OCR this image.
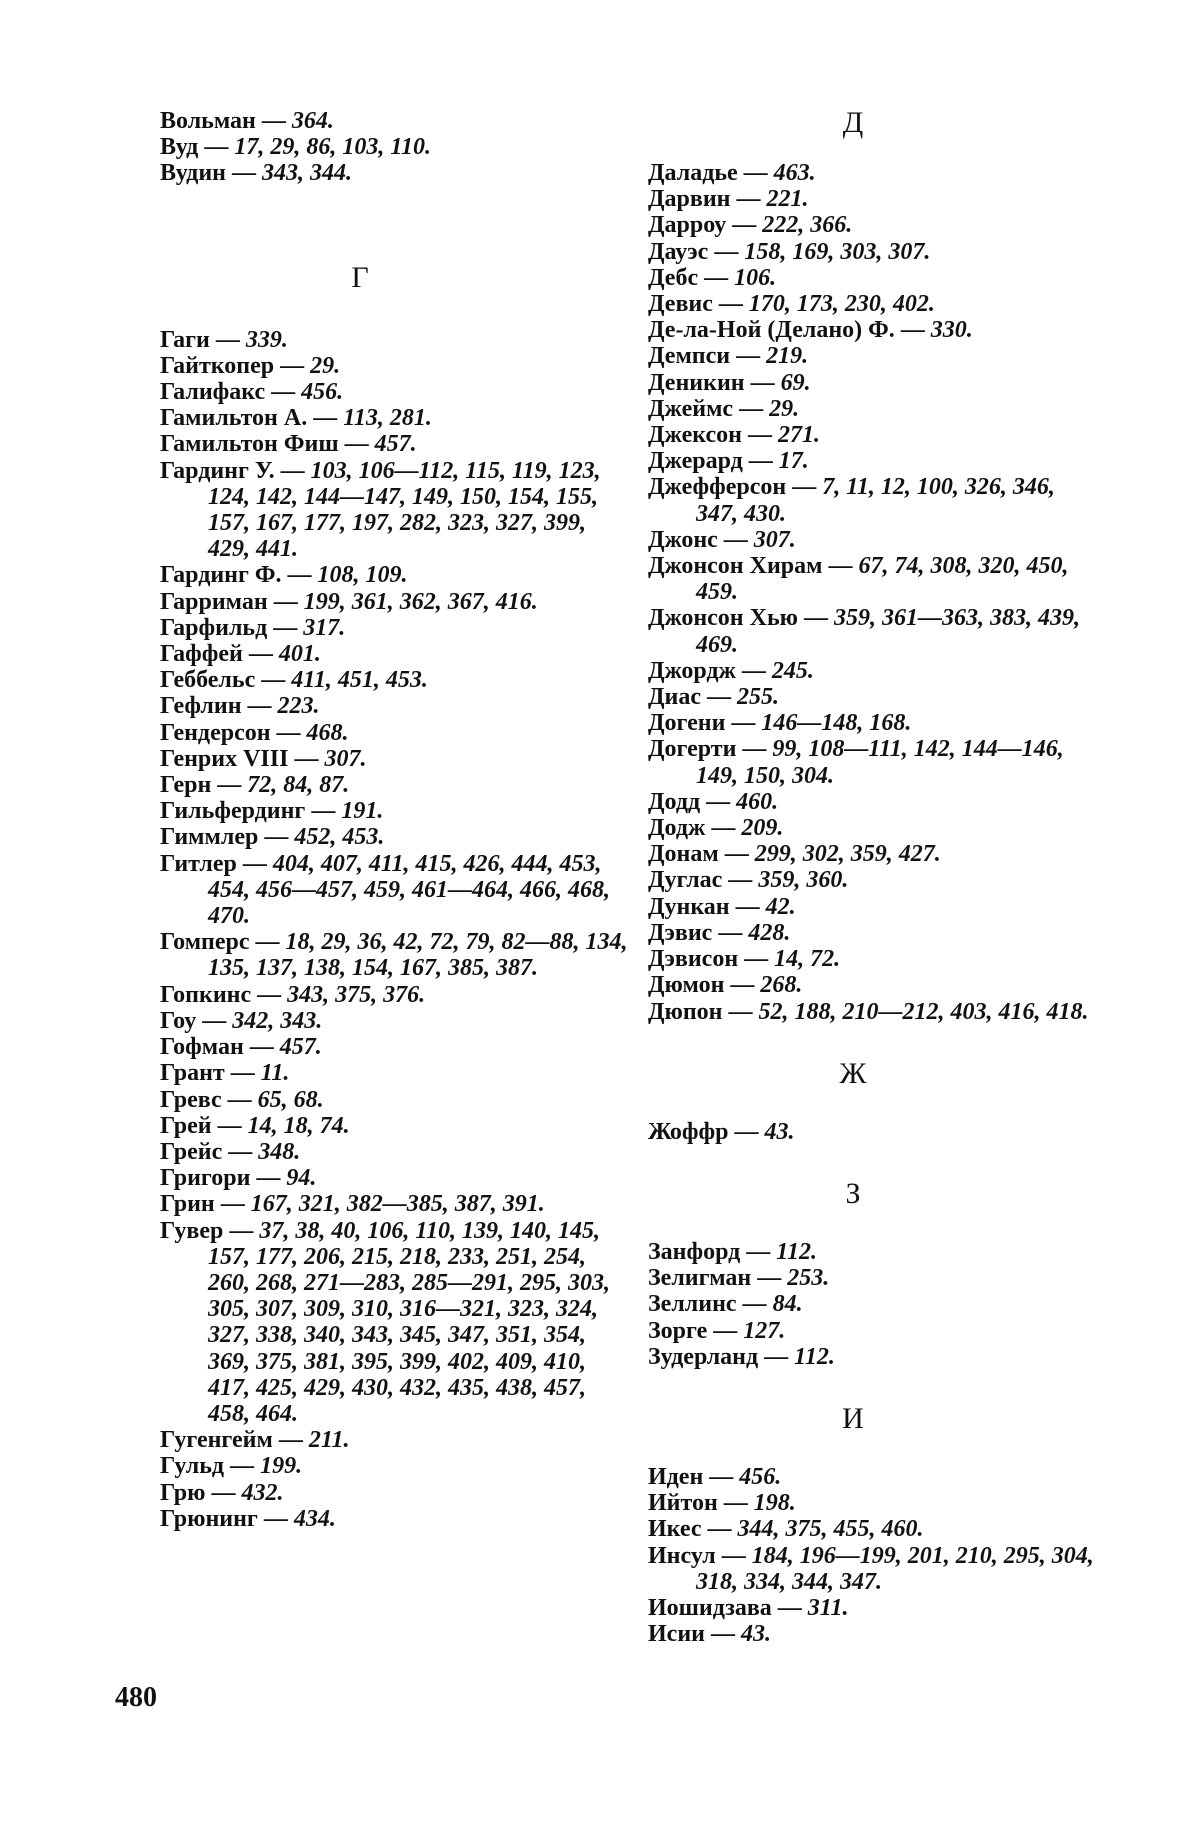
Вольман — 364.
Вуд — 17, 29, 86, 103, 110.
Вудин — 343, 344.
Г
Гаги — 339.
Гайткопер — 29.
Галифакс — 456.
Гамильтон А. — 113, 281.
Гамильтон Фиш — 457.
Гардинг У. — 103, 106—112, 115, 119, 123, 124, 142, 144—147, 149, 150, 154, 155, 157, 167, 177, 197, 282, 323, 327, 399, 429, 441.
Гардинг Ф. — 108, 109.
Гарриман — 199, 361, 362, 367, 416.
Гарфильд — 317.
Гаффей — 401.
Геббельс — 411, 451, 453.
Гефлин — 223.
Гендерсон — 468.
Генрих VIII — 307.
Герн — 72, 84, 87.
Гильфердинг — 191.
Гиммлер — 452, 453.
Гитлер — 404, 407, 411, 415, 426, 444, 453, 454, 456—457, 459, 461—464, 466, 468, 470.
Гомперс — 18, 29, 36, 42, 72, 79, 82—88, 134, 135, 137, 138, 154, 167, 385, 387.
Гопкинс — 343, 375, 376.
Гоу — 342, 343.
Гофман — 457.
Грант — 11.
Гревс — 65, 68.
Грей — 14, 18, 74.
Грейс — 348.
Григори — 94.
Грин — 167, 321, 382—385, 387, 391.
Гувер — 37, 38, 40, 106, 110, 139, 140, 145, 157, 177, 206, 215, 218, 233, 251, 254, 260, 268, 271—283, 285—291, 295, 303, 305, 307, 309, 310, 316—321, 323, 324, 327, 338, 340, 343, 345, 347, 351, 354, 369, 375, 381, 395, 399, 402, 409, 410, 417, 425, 429, 430, 432, 435, 438, 457, 458, 464.
Гугенгейм — 211.
Гульд — 199.
Грю — 432.
Грюнинг — 434.
Д
Даладье — 463.
Дарвин — 221.
Дарроу — 222, 366.
Дауэс — 158, 169, 303, 307.
Дебс — 106.
Девис — 170, 173, 230, 402.
Де-ла-Ной (Делано) Ф. — 330.
Демпси — 219.
Деникин — 69.
Джеймс — 29.
Джексон — 271.
Джерард — 17.
Джефферсон — 7, 11, 12, 100, 326, 346, 347, 430.
Джонс — 307.
Джонсон Хирам — 67, 74, 308, 320, 450, 459.
Джонсон Хью — 359, 361—363, 383, 439, 469.
Джордж — 245.
Диас — 255.
Догени — 146—148, 168.
Догерти — 99, 108—111, 142, 144—146, 149, 150, 304.
Додд — 460.
Додж — 209.
Донам — 299, 302, 359, 427.
Дуглас — 359, 360.
Дункан — 42.
Дэвис — 428.
Дэвисон — 14, 72.
Дюмон — 268.
Дюпон — 52, 188, 210—212, 403, 416, 418.
Ж
Жоффр — 43.
З
Занфорд — 112.
Зелигман — 253.
Зеллинс — 84.
Зорге — 127.
Зудерланд — 112.
И
Иден — 456.
Ийтон — 198.
Икес — 344, 375, 455, 460.
Инсул — 184, 196—199, 201, 210, 295, 304, 318, 334, 344, 347.
Иошидзава — 311.
Исии — 43.
480
